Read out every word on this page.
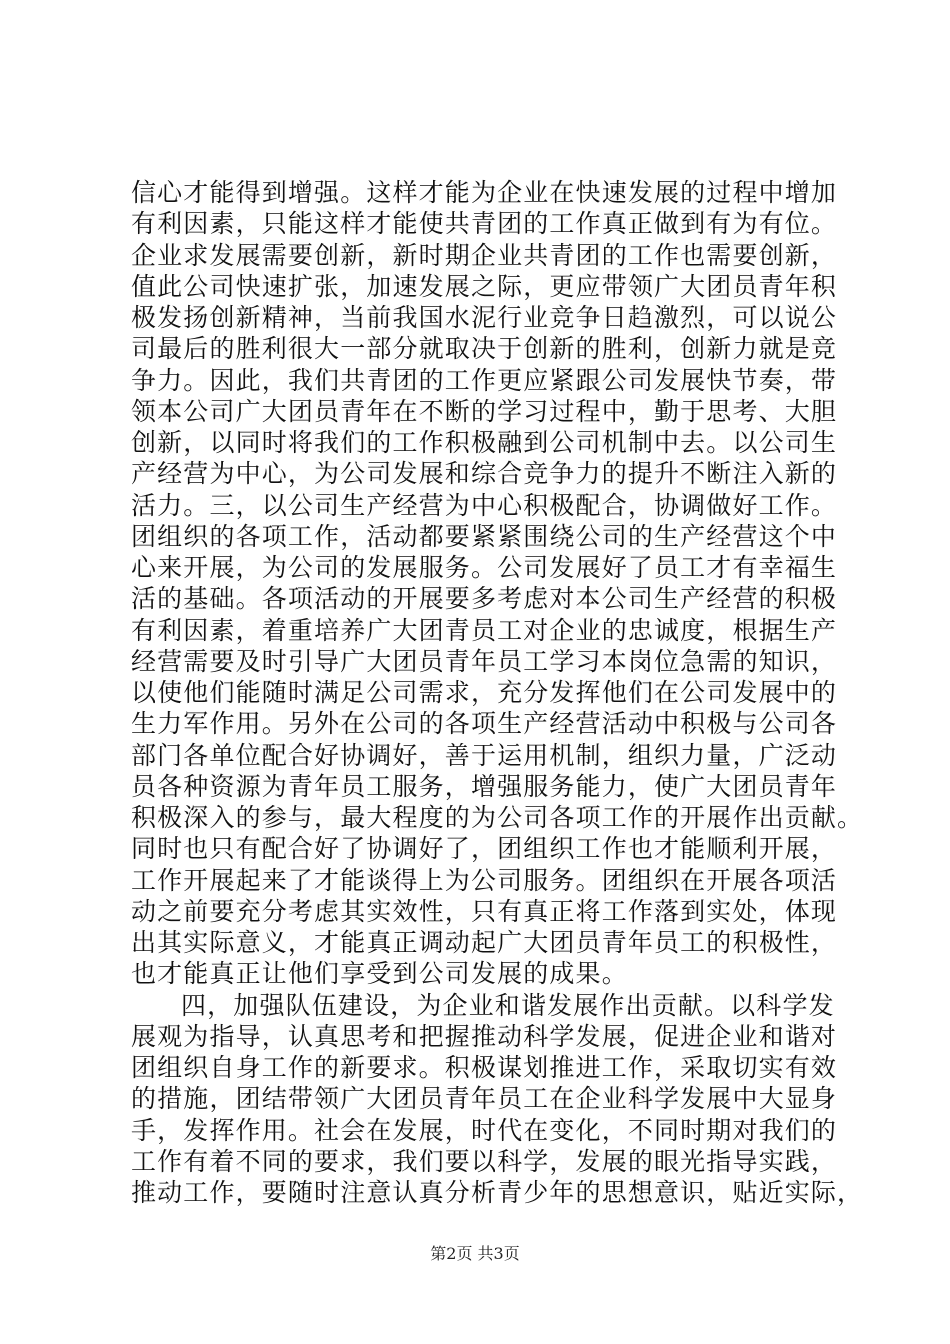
信心才能得到增强。这样才能为企业在快速发展的过程中增加
有利因素，只能这样才能使共青团的工作真正做到有为有位。
企业求发展需要创新，新时期企业共青团的工作也需要创新，
值此公司快速扩张，加速发展之际，更应带领广大团员青年积
极发扬创新精神，当前我国水泥行业竞争日趋激烈，可以说公
司最后的胜利很大一部分就取决于创新的胜利，创新力就是竞
争力。因此，我们共青团的工作更应紧跟公司发展快节奏，带
领本公司广大团员青年在不断的学习过程中，勤于思考、大胆
创新，以同时将我们的工作积极融到公司机制中去。以公司生
产经营为中心，为公司发展和综合竞争力的提升不断注入新的
活力。三，以公司生产经营为中心积极配合，协调做好工作。
团组织的各项工作，活动都要紧紧围绕公司的生产经营这个中
心来开展，为公司的发展服务。公司发展好了员工才有幸福生
活的基础。各项活动的开展要多考虑对本公司生产经营的积极
有利因素，着重培养广大团青员工对企业的忠诚度，根据生产
经营需要及时引导广大团员青年员工学习本岗位急需的知识，
以使他们能随时满足公司需求，充分发挥他们在公司发展中的
生力军作用。另外在公司的各项生产经营活动中积极与公司各
部门各单位配合好协调好，善于运用机制，组织力量，广泛动
员各种资源为青年员工服务，增强服务能力，使广大团员青年
积极深入的参与，最大程度的为公司各项工作的开展作出贡献。
同时也只有配合好了协调好了，团组织工作也才能顺利开展，
工作开展起来了才能谈得上为公司服务。团组织在开展各项活
动之前要充分考虑其实效性，只有真正将工作落到实处，体现
出其实际意义，才能真正调动起广大团员青年员工的积极性，
也才能真正让他们享受到公司发展的成果。
四，加强队伍建设，为企业和谐发展作出贡献。以科学发
展观为指导，认真思考和把握推动科学发展，促进企业和谐对
团组织自身工作的新要求。积极谋划推进工作，采取切实有效
的措施，团结带领广大团员青年员工在企业科学发展中大显身
手，发挥作用。社会在发展，时代在变化，不同时期对我们的
工作有着不同的要求，我们要以科学，发展的眼光指导实践，
推动工作，要随时注意认真分析青少年的思想意识，贴近实际，
第2页 共3页
